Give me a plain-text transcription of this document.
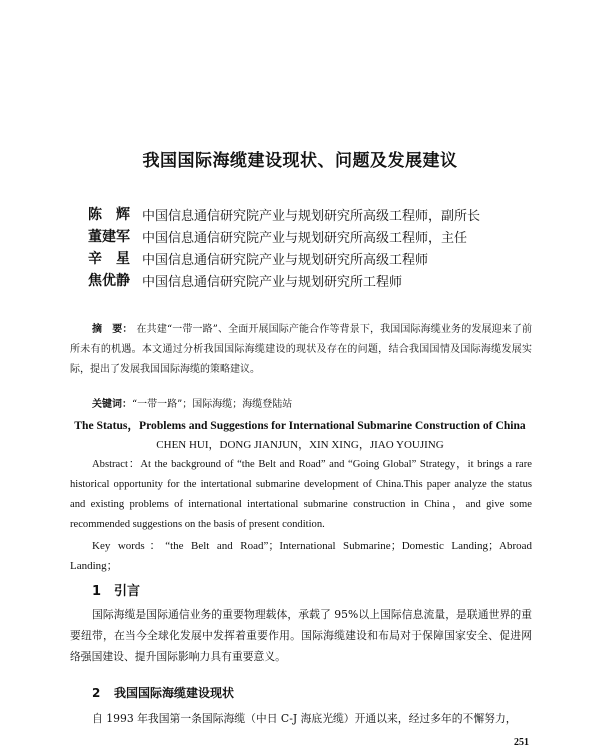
我国国际海缆建设现状、问题及发展建议
陈　辉 中国信息通信研究院产业与规划研究所高级工程师，副所长
董建军 中国信息通信研究院产业与规划研究所高级工程师，主任
辛　星 中国信息通信研究院产业与规划研究所高级工程师
焦优静 中国信息通信研究院产业与规划研究所工程师
摘　要： 在共建“一带一路”、全面开展国际产能合作等背景下，我国国际海缆业务的发展迎来了前所未有的机遇。本文通过分析我国国际海缆建设的现状及存在的问题，结合我国国情及国际海缆发展实际，提出了发展我国国际海缆的策略建议。
关键词：“一带一路”；国际海缆；海缆登陆站
The Status，Problems and Suggestions for International Submarine Construction of China
CHEN HUI，DONG JIANJUN，XIN XING，JIAO YOUJING
Abstract：At the background of “the Belt and Road” and “Going Global” Strategy，it brings a rare historical opportunity for the intertational submarine development of China.This paper analyze the status and existing problems of international intertational submarine construction in China，and give some recommended suggestions on the basis of present condition.
Key words：“the Belt and Road”；International Submarine；Domestic Landing；Abroad Landing；
1 引言
国际海缆是国际通信业务的重要物理载体，承载了 95%以上国际信息流量，是联通世界的重要纽带，在当今全球化发展中发挥着重要作用。国际海缆建设和布局对于保障国家安全、促进网络强国建设、提升国际影响力具有重要意义。
2 我国国际海缆建设现状
自 1993 年我国第一条国际海缆（中日 C-J 海底光缆）开通以来，经过多年的不懈努力，
251
